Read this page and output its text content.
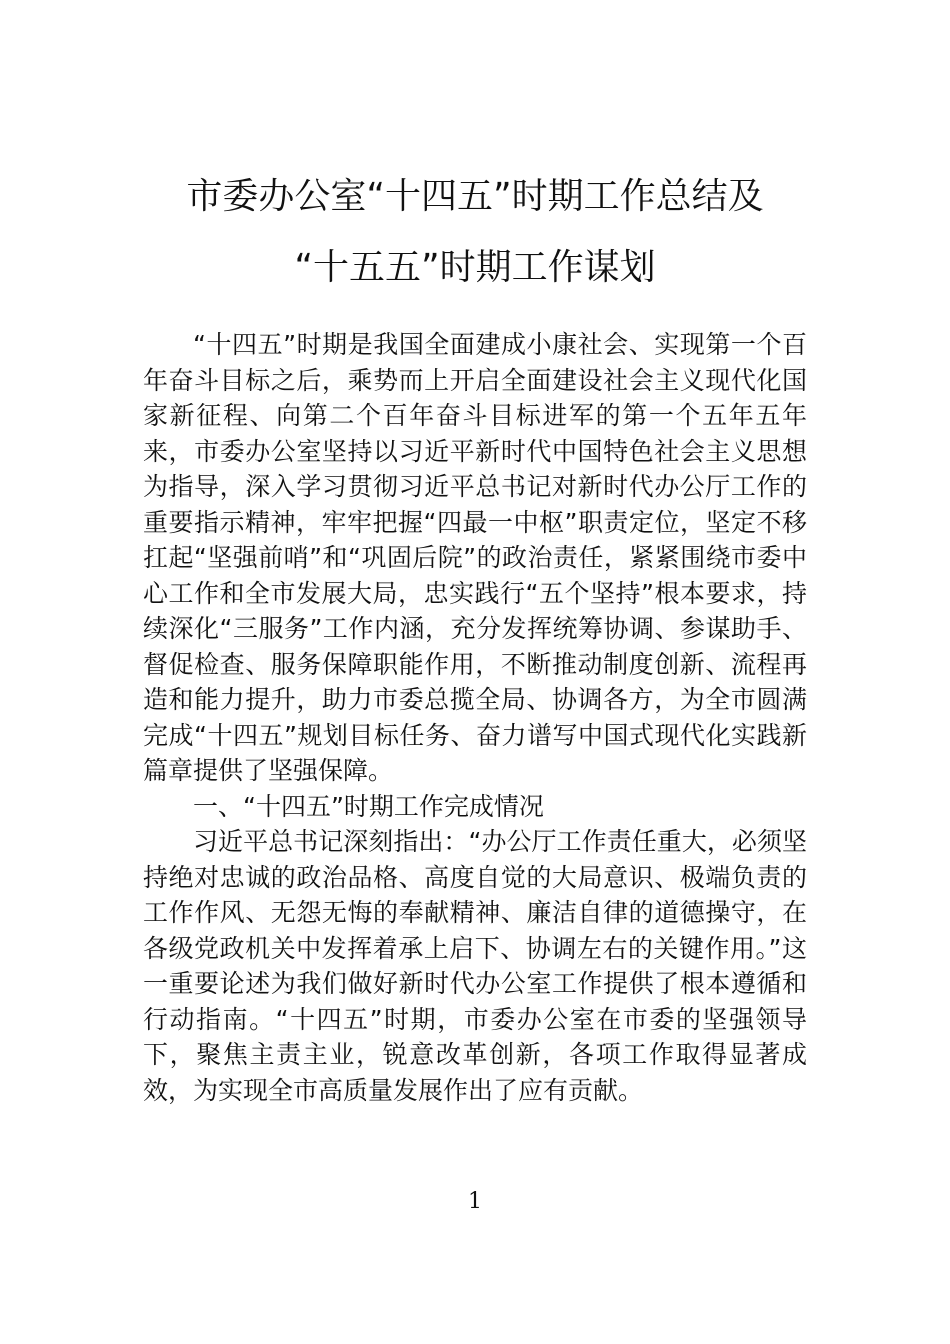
市委办公室“十四五”时期工作总结及
“十五五”时期工作谋划

“十四五”时期是我国全面建成小康社会、实现第一个百年奋斗目标之后，乘势而上开启全面建设社会主义现代化国家新征程、向第二个百年奋斗目标进军的第一个五年五年来，市委办公室坚持以习近平新时代中国特色社会主义思想为指导，深入学习贯彻习近平总书记对新时代办公厅工作的重要指示精神，牢牢把握“四最一中枢”职责定位，坚定不移扛起“坚强前哨”和“巩固后院”的政治责任，紧紧围绕市委中心工作和全市发展大局，忠实践行“五个坚持”根本要求，持续深化“三服务”工作内涵，充分发挥统筹协调、参谋助手、督促检查、服务保障职能作用，不断推动制度创新、流程再造和能力提升，助力市委总揽全局、协调各方，为全市圆满完成“十四五”规划目标任务、奋力谱写中国式现代化实践新篇章提供了坚强保障。

一、“十四五”时期工作完成情况

习近平总书记深刻指出：“办公厅工作责任重大，必须坚持绝对忠诚的政治品格、高度自觉的大局意识、极端负责的工作作风、无怨无悔的奉献精神、廉洁自律的道德操守，在各级党政机关中发挥着承上启下、协调左右的关键作用。”这一重要论述为我们做好新时代办公室工作提供了根本遵循和行动指南。“十四五”时期，市委办公室在市委的坚强领导下，聚焦主责主业，锐意改革创新，各项工作取得显著成效，为实现全市高质量发展作出了应有贡献。

1
